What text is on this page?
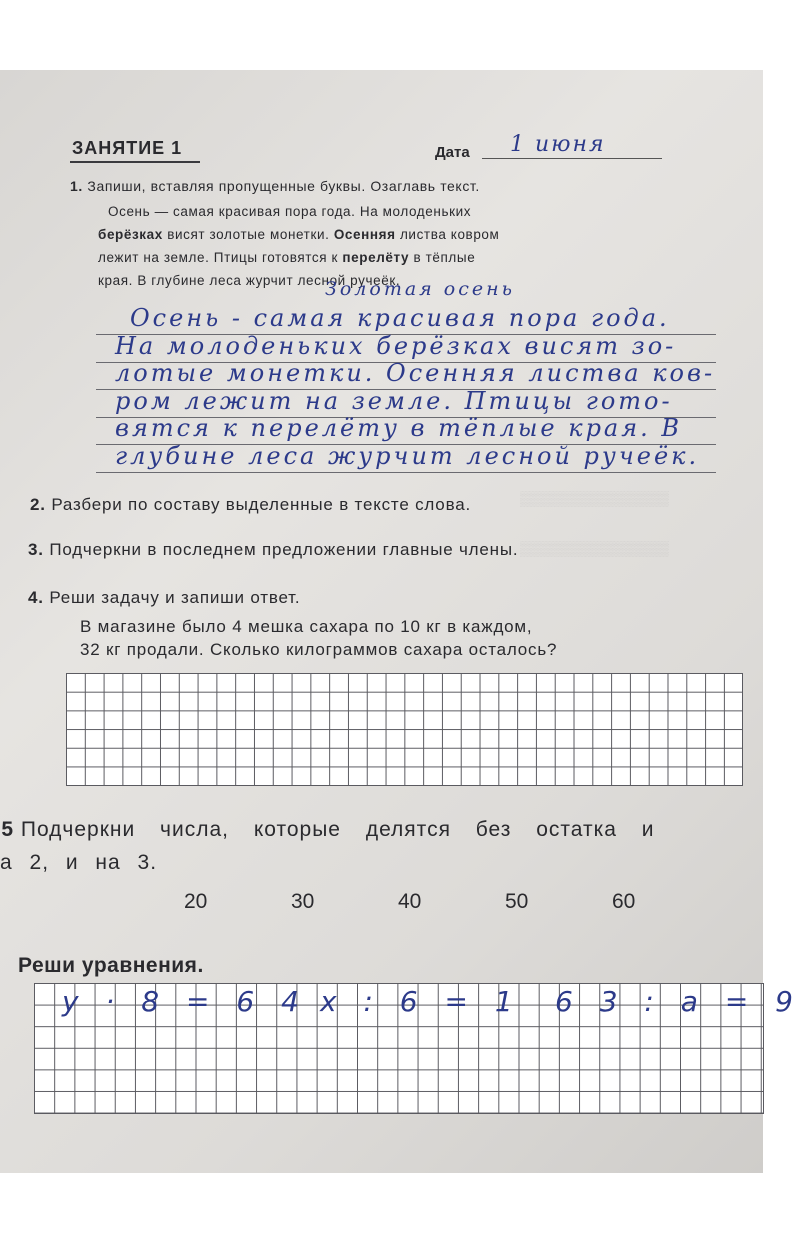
▒▒▒▒▒▒▒▒▒▒▒▒▒▒▒
▒▒▒▒▒▒▒▒▒▒▒▒▒▒▒
ЗАНЯТИЕ 1	Дата 1 июня
1. Запиши, вставляя пропущенные буквы. Озаглавь текст.
Осень — самая красивая пора года. На молоденьких
берёзках висят золотые монетки. Осенняя листва ковром
лежит на земле. Птицы готовятся к перелёту в тёплые
края. В глубине леса журчит лесной ручеёк.
Золотая осень
Осень - самая красивая пора года.
На молоденьких берёзках висят зо-
лотые монетки. Осенняя листва ков-
ром лежит на земле. Птицы гото-
вятся к перелёту в тёплые края. В
глубине леса журчит лесной ручеёк.
2. Разбери по составу выделенные в тексте слова.
3. Подчеркни в последнем предложении главные члены.
4. Реши задачу и запиши ответ.
В магазине было 4 мешка сахара по 10 кг в каждом,
32 кг продали. Сколько килограммов сахара осталось?
5 Подчеркни числа, которые делятся без остатка и
а 2, и на 3.
20	30	40	50	60
Реши уравнения.
y · 8 = 6 4 x : 6 = 1 6 3 : a = 9
